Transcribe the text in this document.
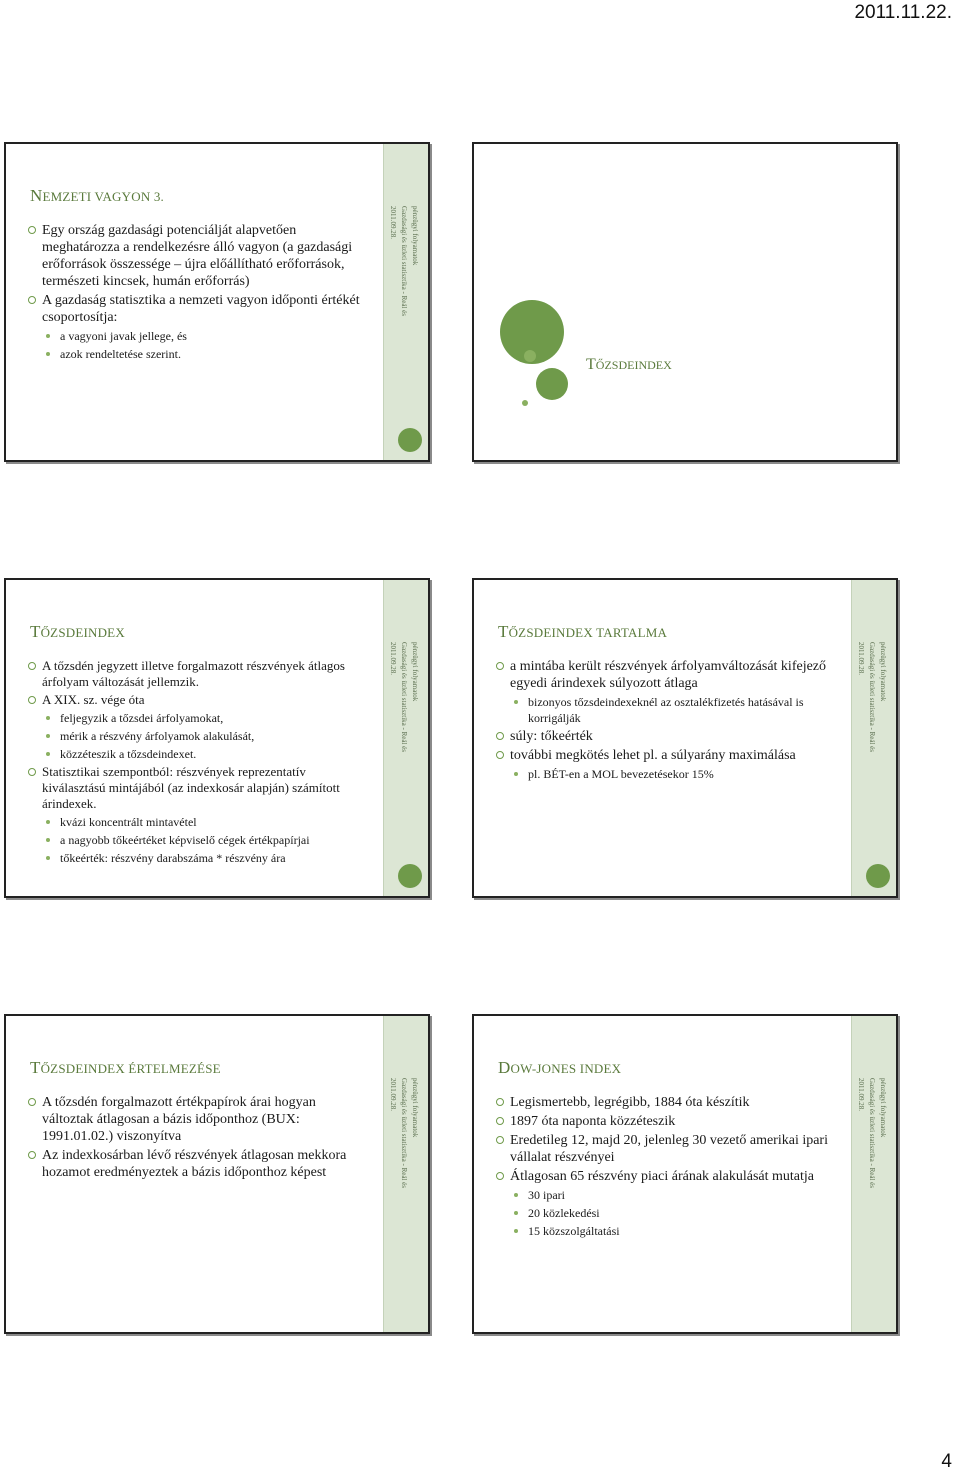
2011.11.22.
NEMZETI VAGYON 3.
Egy ország gazdasági potenciálját alapvetően meghatározza a rendelkezésre álló vagyon (a gazdasági erőforrások összessége – újra előállítható erőforrások, természeti kincsek, humán erőforrás)
A gazdaság statisztika a nemzeti vagyon időponti értékét csoportosítja:
a vagyoni javak jellege, és
azok rendeltetése szerint.
2011.09.28. Gazdasági és üzleti statisztika - Reál és pénzügyi folyamatok
TŐZSDEINDEX
TŐZSDEINDEX
A tőzsdén jegyzett illetve forgalmazott részvények átlagos árfolyam változását jellemzik.
A XIX. sz. vége óta
feljegyzik a tőzsdei árfolyamokat,
mérik a részvény árfolyamok alakulását,
közzéteszik a tőzsdeindexet.
Statisztikai szempontból: részvények reprezentatív kiválasztású mintájából (az indexkosár alapján) számított árindexek.
kvázi koncentrált mintavétel
a nagyobb tőkeértéket képviselő cégek értékpapírjai
tőkeérték: részvény darabszáma * részvény ára
2011.09.28. Gazdasági és üzleti statisztika - Reál és pénzügyi folyamatok
TŐZSDEINDEX TARTALMA
a mintába került részvények árfolyamváltozását kifejező egyedi árindexek súlyozott átlaga
bizonyos tőzsdeindexeknél az osztalékfizetés hatásával is korrigálják
súly: tőkeérték
további megkötés lehet pl. a súlyarány maximálása
pl. BÉT-en a MOL bevezetésekor 15%
2011.09.28. Gazdasági és üzleti statisztika - Reál és pénzügyi folyamatok
TŐZSDEINDEX ÉRTELMEZÉSE
A tőzsdén forgalmazott értékpapírok árai hogyan változtak átlagosan a bázis időponthoz (BUX: 1991.01.02.) viszonyítva
Az indexkosárban lévő részvények átlagosan mekkora hozamot eredményeztek a bázis időponthoz képest
2011.09.28. Gazdasági és üzleti statisztika - Reál és pénzügyi folyamatok
DOW-JONES INDEX
Legismertebb, legrégibb, 1884 óta készítik
1897 óta naponta közzéteszik
Eredetileg 12, majd 20, jelenleg 30 vezető amerikai ipari vállalat részvényei
Átlagosan 65 részvény piaci árának alakulását mutatja
30 ipari
20 közlekedési
15 közszolgáltatási
2011.09.28. Gazdasági és üzleti statisztika - Reál és pénzügyi folyamatok
4
